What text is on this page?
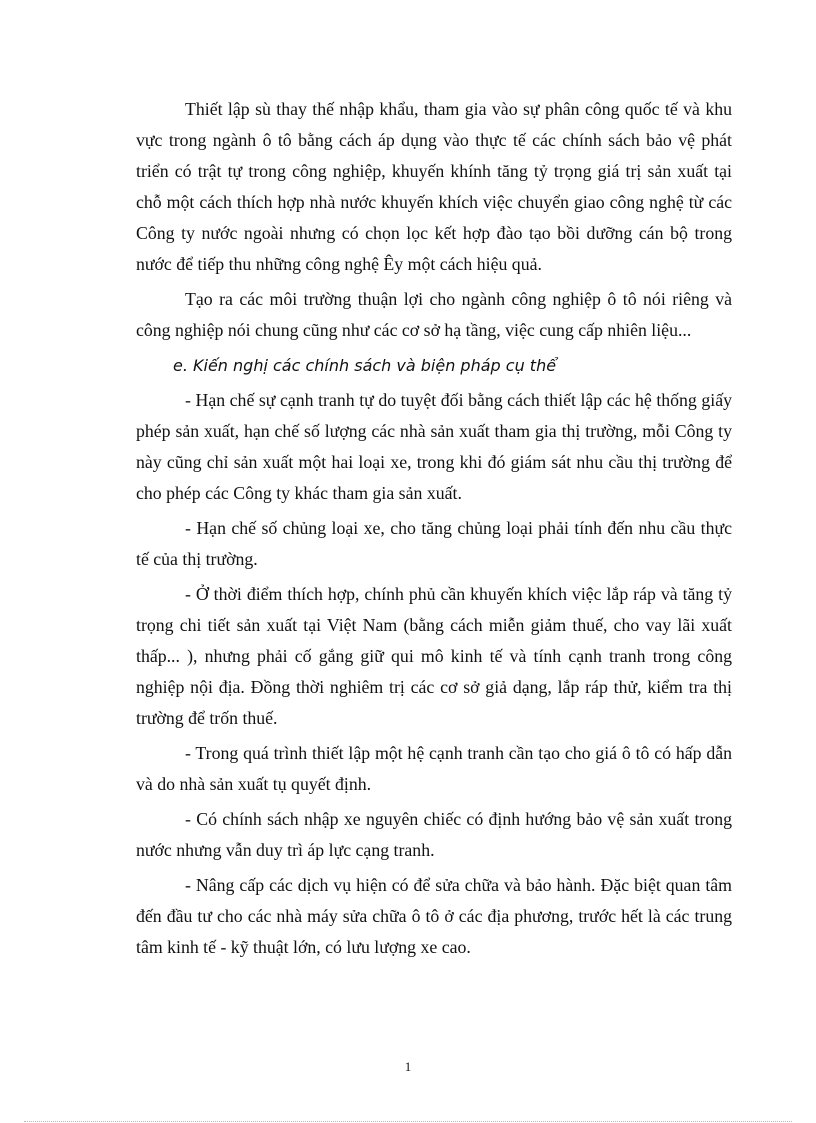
Thiết lập sù thay thế nhập khẩu, tham gia vào sự phân công quốc tế và khu vực trong ngành ô tô bằng cách áp dụng vào thực tế các chính sách bảo vệ phát triển có trật tự trong công nghiệp, khuyến khính tăng tỷ trọng giá trị sản xuất tại chỗ một cách thích hợp nhà nước khuyến khích việc chuyển giao công nghệ từ các Công ty nước ngoài nhưng có chọn lọc kết hợp đào tạo bồi dưỡng cán bộ trong nước để tiếp thu những công nghệ Êy một cách hiệu quả.

Tạo ra các môi trường thuận lợi cho ngành công nghiệp ô tô nói riêng và công nghiệp nói chung cũng như các cơ sở hạ tầng, việc cung cấp nhiên liệu...

e. Kiến nghị các chính sách và biện pháp cụ thể

- Hạn chế sự cạnh tranh tự do tuyệt đối bằng cách thiết lập các hệ thống giấy phép sản xuất, hạn chế số lượng các nhà sản xuất tham gia thị trường, mỗi Công ty này cũng chỉ sản xuất một hai loại xe, trong khi đó giám sát nhu cầu thị trường để cho phép các Công ty khác tham gia sản xuất.

- Hạn chế số chủng loại xe, cho tăng chủng loại phải tính đến nhu cầu thực tế của thị trường.

- Ở thời điểm thích hợp, chính phủ cần khuyến khích việc lắp ráp và tăng tỷ trọng chi tiết sản xuất tại Việt Nam (bằng cách miễn giảm thuế, cho vay lãi xuất thấp... ), nhưng phải cố gắng giữ qui mô kinh tế và tính cạnh tranh trong công nghiệp nội địa. Đồng thời nghiêm trị các cơ sở giả dạng, lắp ráp thử, kiểm tra thị trường để trốn thuế.

- Trong quá trình thiết lập một hệ cạnh tranh cần tạo cho giá ô tô có hấp dẫn và do nhà sản xuất tụ quyết định.

- Có chính sách nhập xe nguyên chiếc có định hướng bảo vệ sản xuất trong nước nhưng vẫn duy trì áp lực cạng tranh.

- Nâng cấp các dịch vụ hiện có để sửa chữa và bảo hành. Đặc biệt quan tâm đến đầu tư cho các nhà máy sửa chữa ô tô ở các địa phương, trước hết là các trung tâm kinh tế - kỹ thuật lớn, có lưu lượng xe cao.

1
